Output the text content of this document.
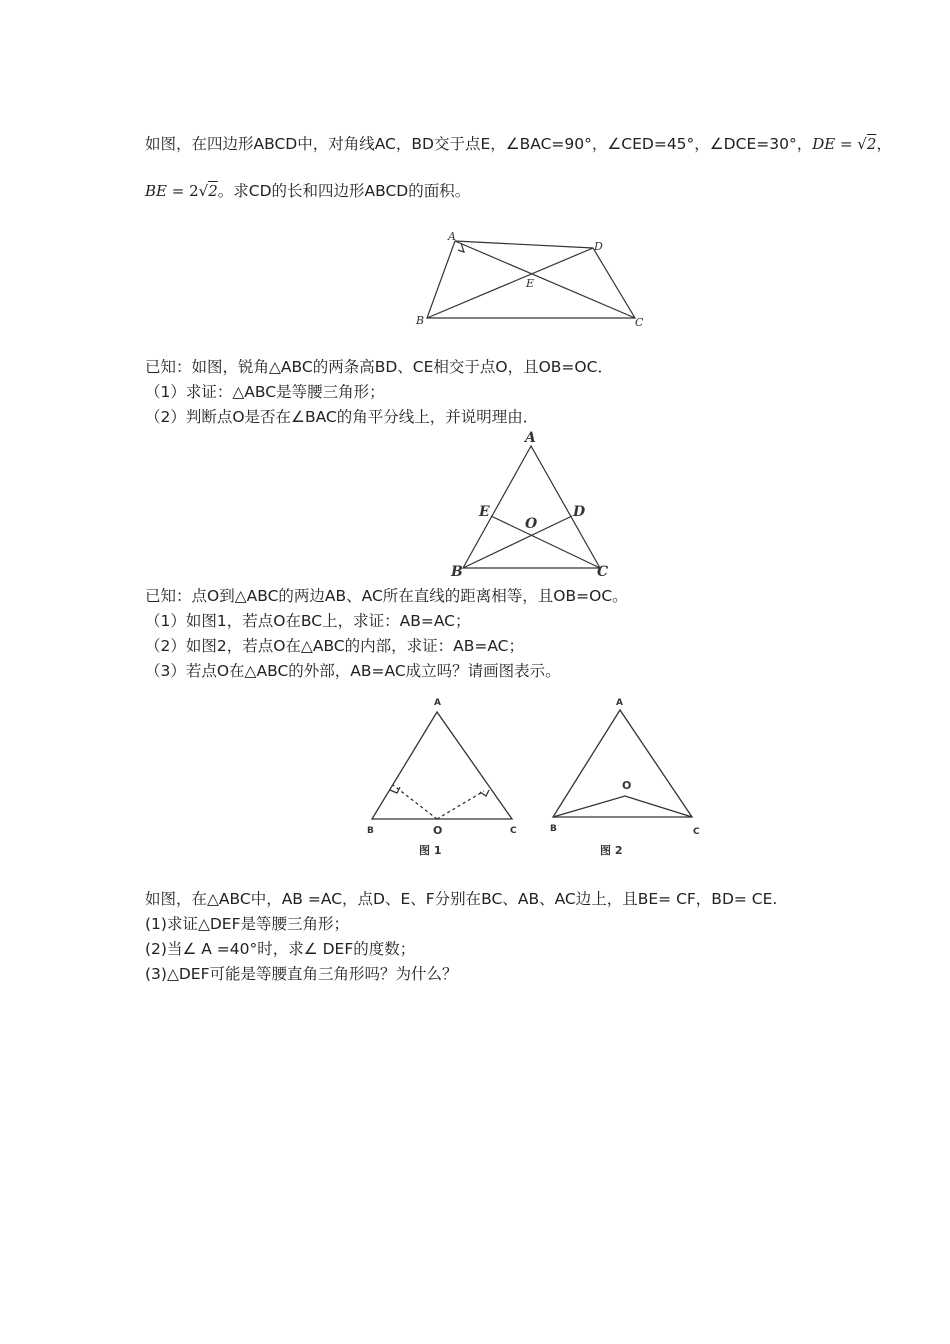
如图，在四边形ABCD中，对角线AC，BD交于点E，∠BAC=90°，∠CED=45°，∠DCE=30°，DE = √2，
BE = 2√2。求CD的长和四边形ABCD的面积。
A
D
E
B	C
已知：如图，锐角△ABC的两条高BD、CE相交于点O，且OB=OC．
（1）求证：△ABC是等腰三角形；
（2）判断点O是否在∠BAC的角平分线上，并说明理由．
A
E	D
O
B	C
已知：点O到△ABC的两边AB、AC所在直线的距离相等，且OB=OC。
（1）如图1，若点O在BC上，求证：AB=AC；
（2）如图2，若点O在△ABC的内部，求证：AB=AC；
（3）若点O在△ABC的外部，AB=AC成立吗？请画图表示。
A
B	C
O
图 1
A
B	C
O
图 2
如图，在△ABC中，AB =AC，点D、E、F分别在BC、AB、AC边上，且BE= CF，BD= CE.
(1)求证△DEF是等腰三角形；
(2)当∠ A =40°时，求∠ DEF的度数；
(3)△DEF可能是等腰直角三角形吗？为什么？
